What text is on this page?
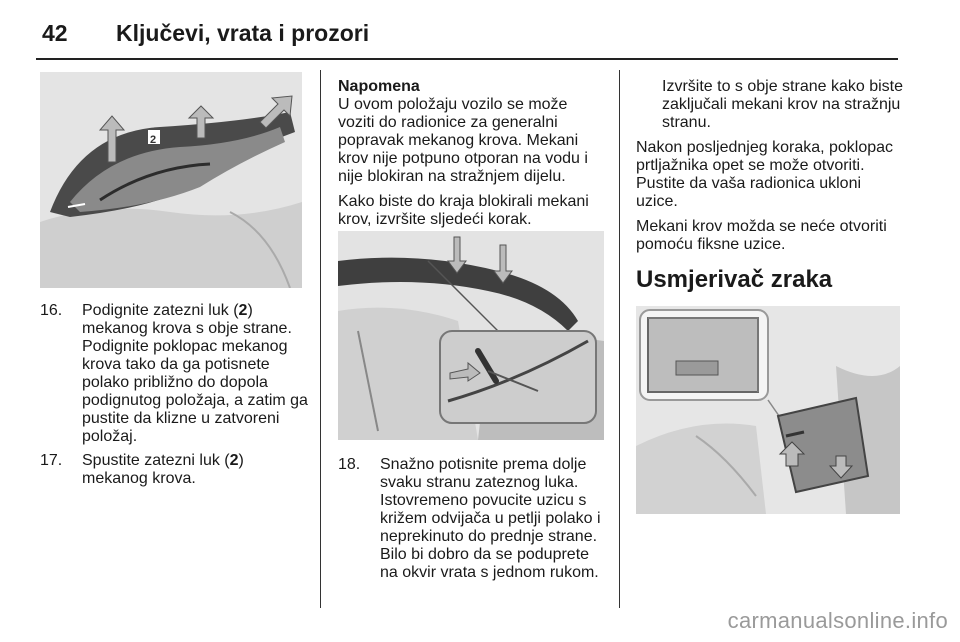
42 Ključevi, vrata i prozori
2
16. Podignite zatezni luk (2) mekanog krova s obje strane. Podignite poklopac mekanog krova tako da ga potisnete polako približno do dopola podignutog položaja, a zatim ga pustite da klizne u zatvoreni položaj.
17. Spustite zatezni luk (2) mekanog krova.
Napomena

U ovom položaju vozilo se može voziti do radionice za generalni popravak mekanog krova. Mekani krov nije potpuno otporan na vodu i nije blokiran na stražnjem dijelu.

Kako biste do kraja blokirali mekani krov, izvršite sljedeći korak.

18. Snažno potisnite prema dolje svaku stranu zateznog luka. Istovremeno povucite uzicu s križem odvijača u petlji polako i neprekinuto do prednje strane. Bilo bi dobro da se poduprete na okvir vrata s jednom rukom.

Izvršite to s obje strane kako biste zaključali mekani krov na stražnju stranu.

Nakon posljednjeg koraka, poklopac prtljažnika opet se može otvoriti. Pustite da vaša radionica ukloni uzice.

Mekani krov možda se neće otvoriti pomoću fiksne uzice.

Usmjerivač zraka
carmanualsonline.info
